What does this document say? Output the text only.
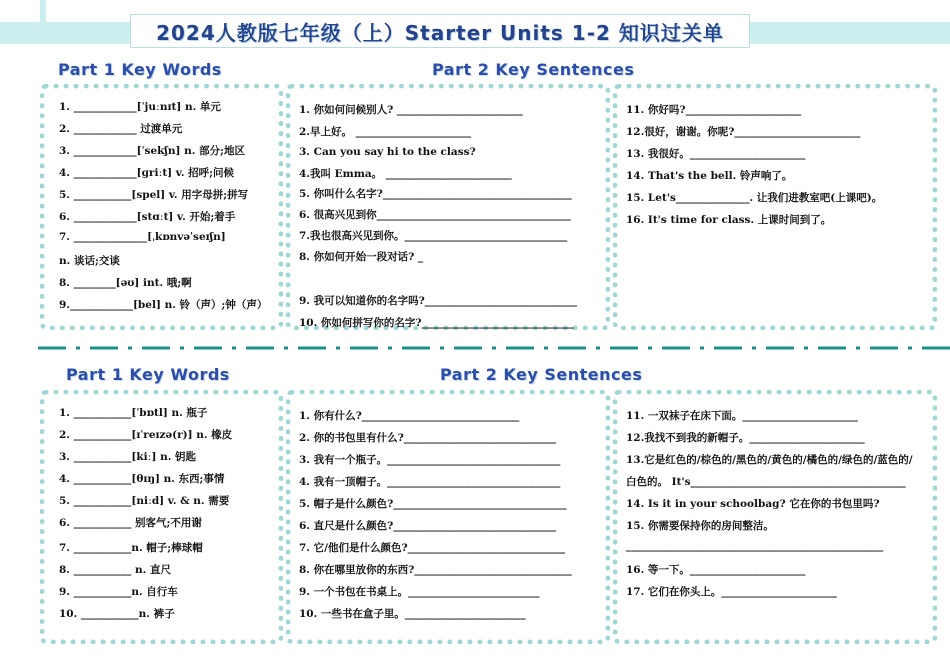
2024人教版七年级（上）Starter Units 1-2 知识过关单
Part 1 Key Words	Part 2 Key Sentences
1. ____________[ˈjuːnɪt] n. 单元
2. ____________ 过渡单元
3. ____________[ˈsekʃn] n. 部分;地区
4. ____________[ɡriːt] v. 招呼;问候
5. ___________[spel] v. 用字母拼;拼写
6. ____________[stɑːt] v. 开始;着手
7. ______________[ˌkɒnvəˈseɪʃn]
n. 谈话;交谈
8. ________[əʊ] int. 哦;啊
9.____________[bel] n. 铃（声）;钟（声）
1. 你如何问候别人? ________________________
2.早上好。 ______________________
3. Can you say hi to the class?
4.我叫 Emma。 ________________________
5. 你叫什么名字?____________________________________
6. 很高兴见到你_____________________________________
7.我也很高兴见到你。_______________________________
8. 你如何开始一段对话? _
9. 我可以知道你的名字吗?_____________________________
10. 你如何拼写你的名字?_____________________________
11. 你好吗?______________________
12.很好，谢谢。你呢?________________________
13. 我很好。______________________
14. That's the bell. 铃声响了。
15. Let's______________. 让我们进教室吧(上课吧)。
16. It's time for class. 上课时间到了。
Part 1 Key Words	Part 2 Key Sentences
1. ___________[ˈbɒtl] n. 瓶子
2. ___________[ɪˈreɪzə(r)] n. 橡皮
3. ___________[kiː] n. 钥匙
4. ___________[θɪŋ] n. 东西;事情
5. ___________[niːd] v. & n. 需要
6. ___________ 别客气;不用谢
7. ___________n. 帽子;棒球帽
8. ___________ n. 直尺
9. ___________n. 自行车
10. ___________n. 裤子
1. 你有什么?______________________________
2. 你的书包里有什么?_____________________________
3. 我有一个瓶子。_________________________________
4. 我有一顶帽子。_________________________________
5. 帽子是什么颜色?_________________________________
6. 直尺是什么颜色?_______________________________
7. 它/他们是什么颜色?______________________________
8. 你在哪里放你的东西?______________________________
9. 一个书包在书桌上。_________________________
10. 一些书在盒子里。_______________________
11. 一双袜子在床下面。______________________
12.我找不到我的新帽子。______________________
13.它是红色的/棕色的/黑色的/黄色的/橘色的/绿色的/蓝色的/
白色的。 It's_________________________________________
14. Is it in your schoolbag? 它在你的书包里吗?
15. 你需要保持你的房间整洁。
_________________________________________________
16. 等一下。______________________
17. 它们在你头上。______________________
